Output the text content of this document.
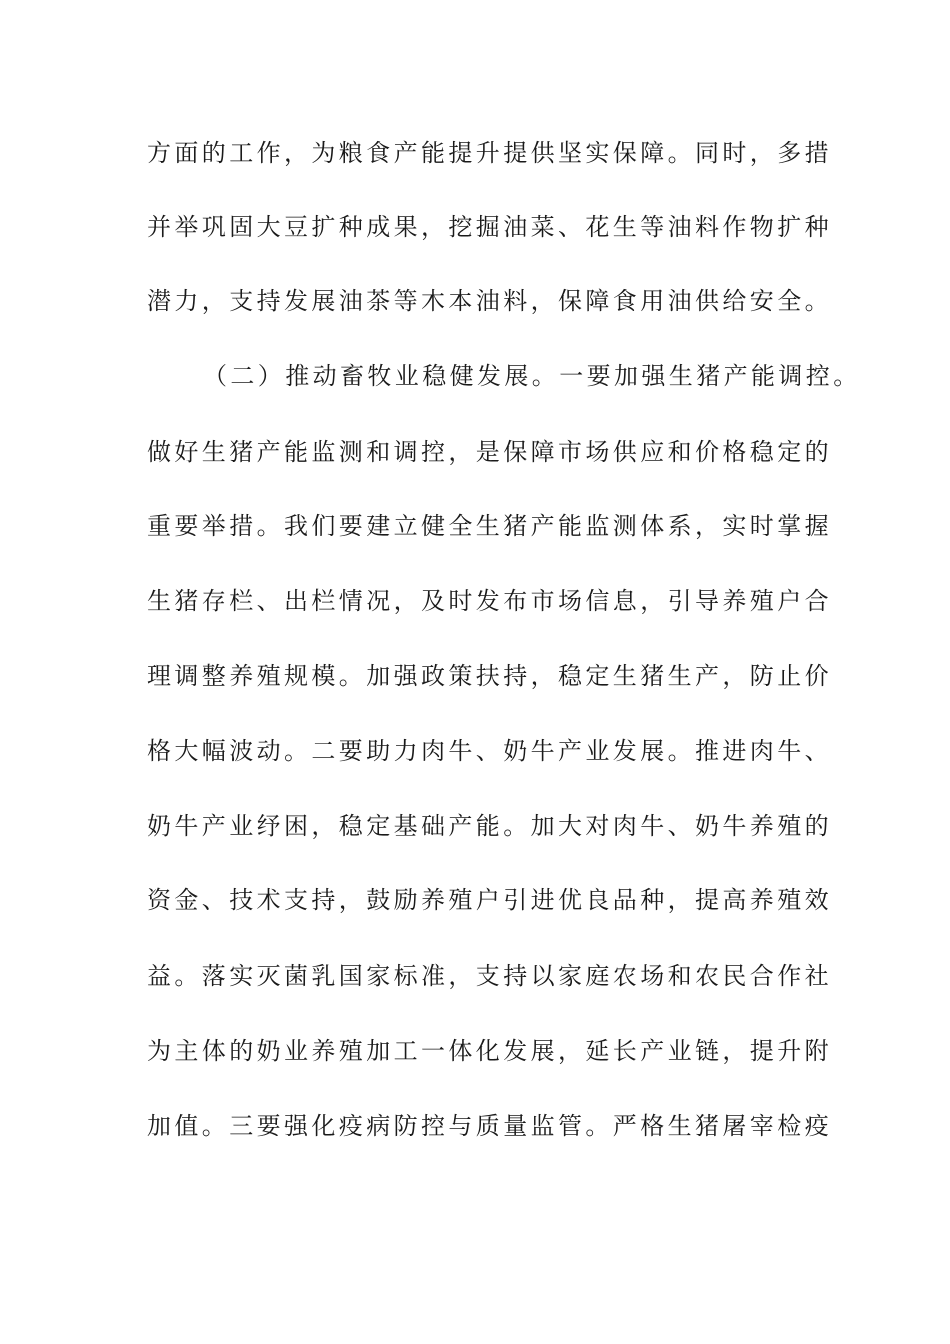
方面的工作，为粮食产能提升提供坚实保障。同时，多措
并举巩固大豆扩种成果，挖掘油菜、花生等油料作物扩种
潜力，支持发展油茶等木本油料，保障食用油供给安全。
（二）推动畜牧业稳健发展。一要加强生猪产能调控。
做好生猪产能监测和调控，是保障市场供应和价格稳定的
重要举措。我们要建立健全生猪产能监测体系，实时掌握
生猪存栏、出栏情况，及时发布市场信息，引导养殖户合
理调整养殖规模。加强政策扶持，稳定生猪生产，防止价
格大幅波动。二要助力肉牛、奶牛产业发展。推进肉牛、
奶牛产业纾困，稳定基础产能。加大对肉牛、奶牛养殖的
资金、技术支持，鼓励养殖户引进优良品种，提高养殖效
益。落实灭菌乳国家标准，支持以家庭农场和农民合作社
为主体的奶业养殖加工一体化发展，延长产业链，提升附
加值。三要强化疫病防控与质量监管。严格生猪屠宰检疫
